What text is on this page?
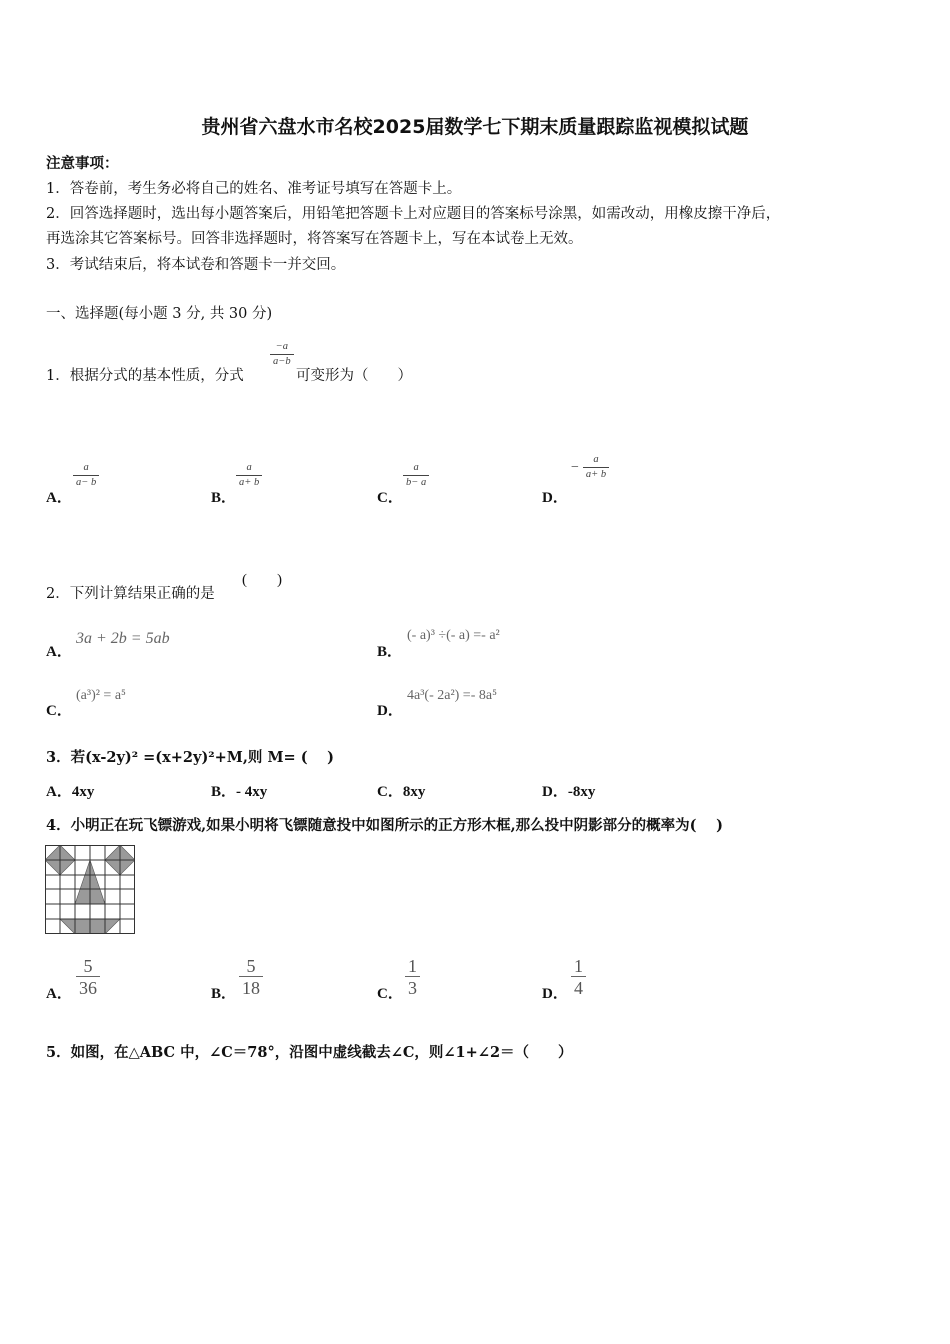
贵州省六盘水市名校2025届数学七下期末质量跟踪监视模拟试题
注意事项：
1．答卷前，考生务必将自己的姓名、准考证号填写在答题卡上。
2．回答选择题时，选出每小题答案后，用铅笔把答题卡上对应题目的答案标号涂黑，如需改动，用橡皮擦干净后，
再选涂其它答案标号。回答非选择题时，将答案写在答题卡上，写在本试卷上无效。
3．考试结束后，将本试卷和答题卡一并交回。
一、选择题(每小题 3 分, 共 30 分)
1．根据分式的基本性质，分式
$\frac{-a}{a-b}$
可变形为（　　）
A．
$\frac{a}{a- b}$
B．
$\frac{a}{a+ b}$
C．
$\frac{a}{b- a}$
D．
− $\frac{a}{a+ b}$
2．下列计算结果正确的是
(　　)
A．
3a + 2b = 5ab
B．
(- a)³ ÷(- a) =- a²
C．
(a³)² = a⁵
D．
4a³(- 2a²) =- 8a⁵
3．若(x-2y)² =(x+2y)²+M,则 M= (　 )
A．4xy	B．- 4xy	C．8xy	D．-8xy
4．小明正在玩飞镖游戏,如果小明将飞镖随意投中如图所示的正方形木框,那么投中阴影部分的概率为(　 )
A． $\frac{5}{36}$	B． $\frac{5}{18}$	C． $\frac{1}{3}$	D． $\frac{1}{4}$
5．如图，在△ABC 中，∠C＝78°，沿图中虚线截去∠C，则∠1+∠2＝（　　）
